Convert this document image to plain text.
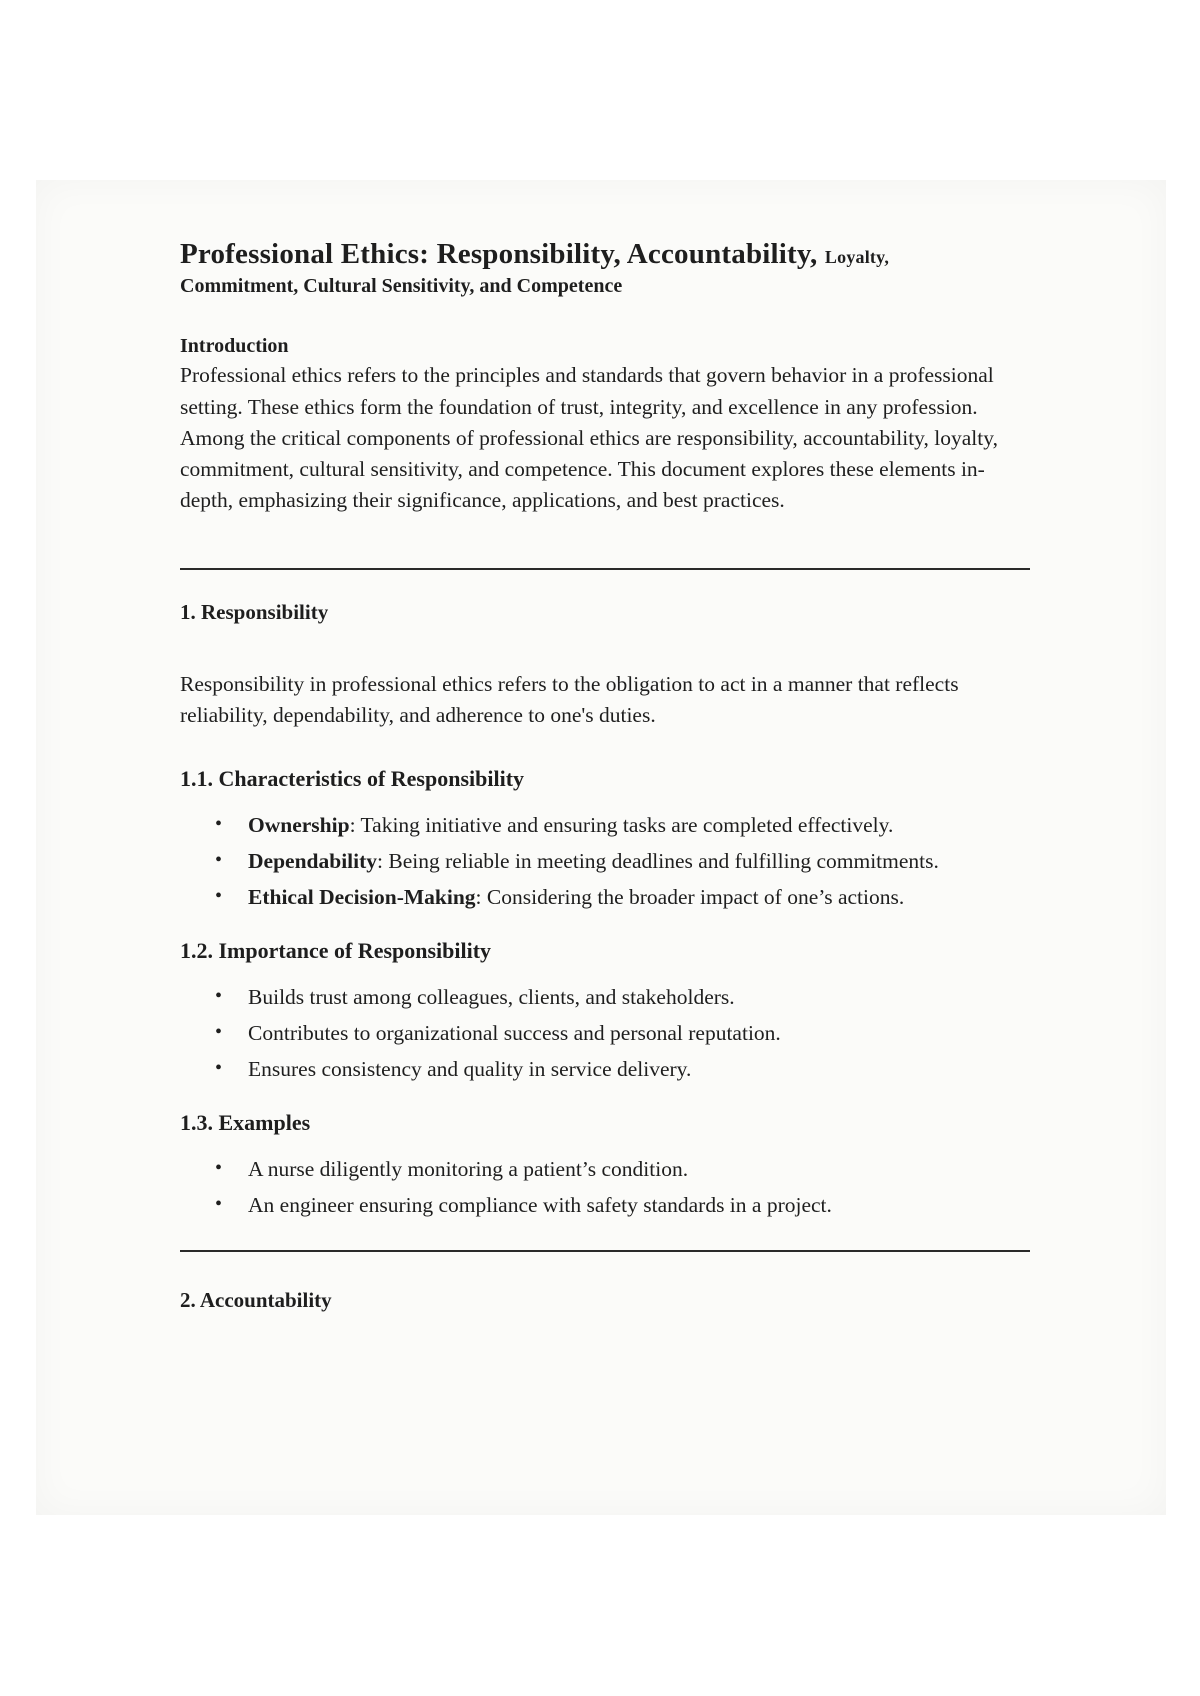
Professional Ethics: Responsibility, Accountability, Loyalty,
Commitment, Cultural Sensitivity, and Competence
Introduction

Professional ethics refers to the principles and standards that govern behavior in a professional setting. These ethics form the foundation of trust, integrity, and excellence in any profession. Among the critical components of professional ethics are responsibility, accountability, loyalty, commitment, cultural sensitivity, and competence. This document explores these elements in-depth, emphasizing their significance, applications, and best practices.

1. Responsibility

Responsibility in professional ethics refers to the obligation to act in a manner that reflects reliability, dependability, and adherence to one's duties.

1.1. Characteristics of Responsibility
• Ownership: Taking initiative and ensuring tasks are completed effectively.
• Dependability: Being reliable in meeting deadlines and fulfilling commitments.
• Ethical Decision-Making: Considering the broader impact of one’s actions.
1.2. Importance of Responsibility
• Builds trust among colleagues, clients, and stakeholders.
• Contributes to organizational success and personal reputation.
• Ensures consistency and quality in service delivery.
1.3. Examples
• A nurse diligently monitoring a patient’s condition.
• An engineer ensuring compliance with safety standards in a project.
2. Accountability
